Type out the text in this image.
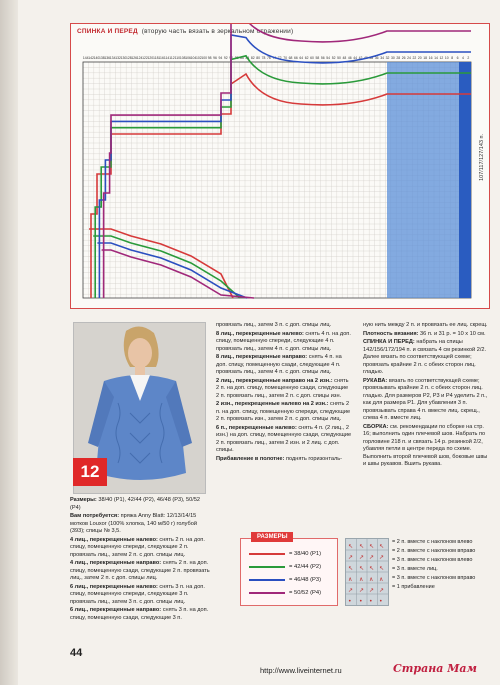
СПИНКА И ПЕРЕД (вторую часть вязать в зеркальном отражении)
144 142 140 138 136 134 132 130 128 126 124 122 120 118 116 114 112 110 108 106 104 102 100 98 96 94 92 90 88 86 84 82 80 78 76 74 72 70 68 66 64 62 60 58 56 54 52 50 48 46 44 42 40 38 36 34 32 30 28 26 24 22 20 18 16 14 12 10 8 6 4 2
107/117/127/143 п.
12

Размеры: 38/40 (Р1), 42/44 (Р2), 46/48 (Р3), 50/52 (Р4)

Вам потребуется: пряжа Anny Blatt: 12/13/14/15 мотков Louxor (100% хлопка, 140 м/50 г) голубой (393); спицы № 3,5.

4 лиц., перекрещенные налево: снять 2 п. на доп. спицу, помещенную спереди, следующие 2 п. провязать лиц., затем 2 п. с доп. спицы лиц.

4 лиц., перекрещенные направо: снять 2 п. на доп. спицу, помещенную сзади, следующие 2 п. провязать лиц., затем 2 п. с доп. спицы лиц.

6 лиц., перекрещенные налево: снять 3 п. на доп. спицу, помещенную спереди, следующие 3 п. провязать лиц., затем 3 п. с доп. спицы лиц.

6 лиц., перекрещенные направо: снять 3 п. на доп. спицу, помещенную сзади, следующие 3 п.

провязать лиц., затем 3 п. с доп. спицы лиц.

8 лиц., перекрещенные налево: снять 4 п. на доп. спицу, помещенную спереди, следующие 4 п. провязать лиц., затем 4 п. с доп. спицы лиц.

8 лиц., перекрещенные направо: снять 4 п. на доп. спицу, помещенную сзади, следующие 4 п. провязать лиц., затем 4 п. с доп. спицы лиц.

2 лиц., перекрещенные направо на 2 изн.: снять 2 п. на доп. спицу, помещенную сзади, следующие 2 п. провязать лиц., затем 2 п. с доп. спицы изн.

2 изн., перекрещенные налево на 2 изн.: снять 2 п. на доп. спицу, помещенную спереди, следующие 2 п. провязать изн., затем 2 п. с доп. спицы лиц.

6 п., перекрещенные налево: снять 4 п. (2 лиц., 2 изн.) на доп. спицу, помещенную сзади, следующие 2 п. провязать лиц., затем 2 изн. и 2 лиц. с доп. спицы.

Прибавление в полотне: поднять горизонталь-

ную нить между 2 п. и провязать ее лиц. скрещ.

Плотность вязания: 36 п. и 31 р. = 10 х 10 см.

СПИНКА И ПЕРЕД: набрать на спицы 142/156/172/194 п. и связать 4 см резинкой 2/2. Далее вязать по соответствующей схеме; провязать крайние 2 п. с обеих сторон лиц. гладью.

РУКАВА: вязать по соответствующей схеме; провязывать крайние 2 п. с обеих сторон лиц. гладью. Для размеров Р2, Р3 и Р4 уделить 2 п., как для размера Р1. Для убавления 3 п. провязывать справа 4 п. вместе лиц. скрещ., слева 4 п. вместе лиц.

СБОРКА: см. рекомендации по сборке на стр. 16; выполнить один плечевой шов. Набрать по горловине 218 п. и связать 14 р. резинкой 2/2, убавляя петли в центре переда по схеме. Выполнить второй плечевой шов, боковые швы и швы рукавов. Вшить рукава.

РАЗМЕРЫ
= 38/40 (Р1)
= 42/44 (Р2)
= 46/48 (Р3)
= 50/52 (Р4)
↖ ↖ ↖ ↖
↗ ↗ ↗ ↗
↖ ↖ ↖ ↖
∧ ∧ ∧ ∧
↗ ↗ ↗ ↗
• • • •
= 2 п. вместе с наклоном влево
= 2 п. вместе с наклоном вправо
= 3 п. вместе с наклоном влево
= 3 п. вместе лиц.
= 3 п. вместе с наклоном вправо
= 1 прибавление
44
http://www.liveinternet.ru	Страна Мам
